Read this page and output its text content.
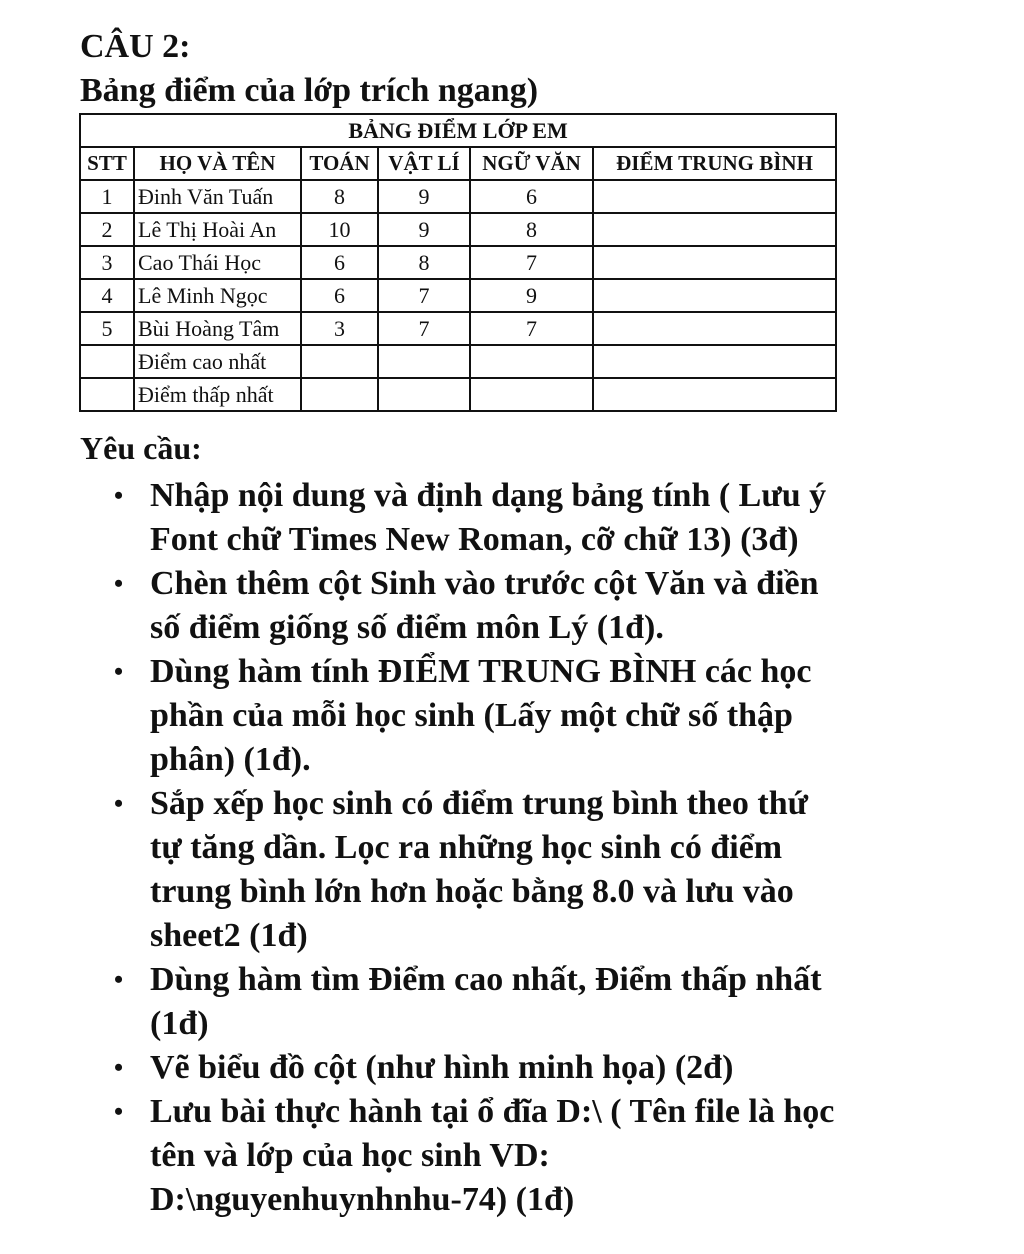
CÂU 2:
Bảng điểm của lớp trích ngang)
BẢNG ĐIỂM LỚP EM					
STT	HỌ VÀ TÊN	TOÁN	VẬT LÍ	NGỮ VĂN	ĐIỂM TRUNG BÌNH
1	Đinh Văn Tuấn	8	9	6	
2	Lê Thị Hoài An	10	9	8	
3	Cao Thái Học	6	8	7	
4	Lê Minh Ngọc	6	7	9	
5	Bùi Hoàng Tâm	3	7	7	
	Điểm cao nhất				
	Điểm thấp nhất				
Yêu cầu:
• Nhập nội dung và định dạng bảng tính ( Lưu ý
Font chữ Times New Roman, cỡ chữ 13) (3đ)
• Chèn thêm cột Sinh vào trước cột Văn và điền
số điểm giống số điểm môn Lý (1đ).
• Dùng hàm tính ĐIỂM TRUNG BÌNH các học
phần của mỗi học sinh (Lấy một chữ số thập
phân) (1đ).
• Sắp xếp học sinh có điểm trung bình theo thứ
tự tăng dần. Lọc ra những học sinh có điểm
trung bình lớn hơn hoặc bằng 8.0 và lưu vào
sheet2 (1đ)
• Dùng hàm tìm Điểm cao nhất, Điểm thấp nhất
(1đ)
• Vẽ biểu đồ cột (như hình minh họa) (2đ)
• Lưu bài thực hành tại ổ đĩa D:\ ( Tên file là học
tên và lớp của học sinh VD:
D:\nguyenhuynhnhu-74) (1đ)
